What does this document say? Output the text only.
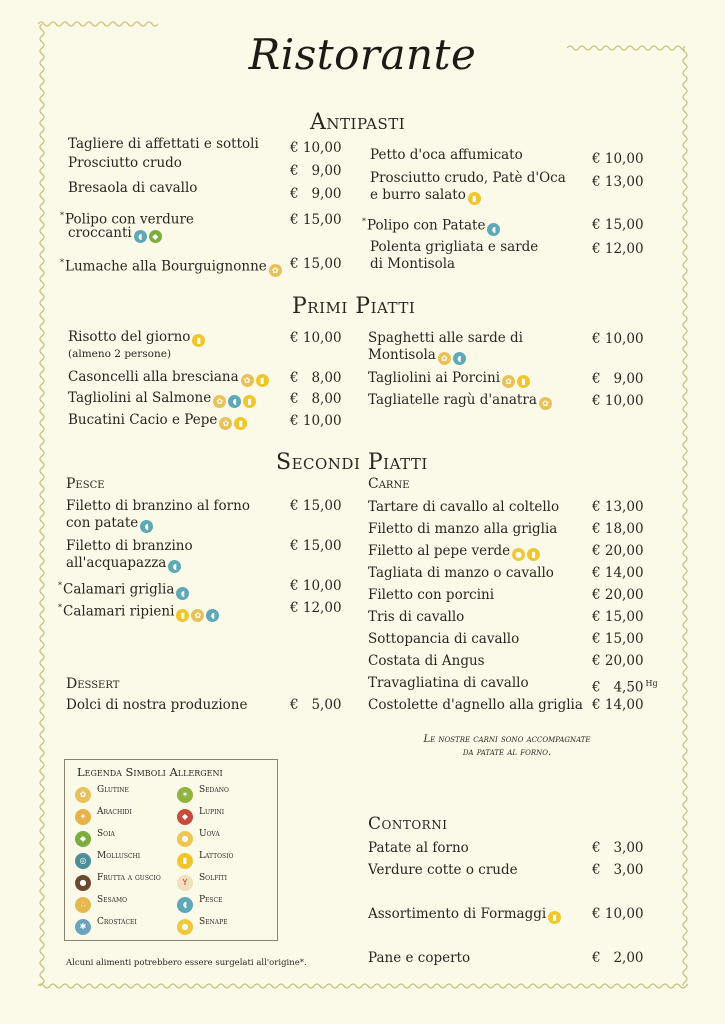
Ristorante
Antipasti
Tagliere di affettati e sottoli € 10,00
Prosciutto crudo	€   9,00
Bresaola di cavallo	€   9,00
*Polipo con verdure
croccanti ◖ ◆
€ 15,00
*Lumache alla Bourguignonne ✿ € 15,00
Petto d'oca affumicato	€ 10,00
Prosciutto crudo, Patè d'Oca
e burro salato ▮
€ 13,00
*Polipo con Patate ◖	€ 15,00
Polenta grigliata e sarde
di Montisola
€ 12,00
Primi Piatti
Risotto del giorno ▮
(almeno 2 persone)
€ 10,00
Casoncelli alla bresciana ✿ ▮	€   8,00
Tagliolini al Salmone ✿ ◖ ▮	€   8,00
Bucatini Cacio e Pepe ✿ ▮	€ 10,00
Spaghetti alle sarde di
Montisola ✿ ◖
€ 10,00
Tagliolini ai Porcini ✿ ▮	€   9,00
Tagliatelle ragù d'anatra ✿	€ 10,00
Secondi Piatti
Pesce	Carne
Filetto di branzino al forno
con patate ◖
€ 15,00
Filetto di branzino
all'acquapazza ◖
€ 15,00
*Calamari griglia ◖	€ 10,00
*Calamari ripieni ▮ ✿ ◖	€ 12,00
Tartare di cavallo al coltello € 13,00
Filetto di manzo alla griglia	€ 18,00
Filetto al pepe verde ● ▮	€ 20,00
Tagliata di manzo o cavallo	€ 14,00
Filetto con porcini	€ 20,00
Tris di cavallo	€ 15,00
Sottopancia di cavallo	€ 15,00
Costata di Angus	€ 20,00
Travagliatina di cavallo	€   4,50 $^{Hg}$
Costolette d'agnello alla griglia € 14,00
Le nostre carni sono accompagnate
da patate al forno.
Dessert
Dolci di nostra produzione	€   5,00
Legenda Simboli Allergeni
✿ Glutine
✦ Arachidi
◆ Soia
◎ Molluschi
● Frutta a guscio
∴ Sesamo
✱ Crostacei
✶ Sedano
◆ Lupini
● Uova
▮ Lattosio
Y Solfiti
◖ Pesce
● Senape
Alcuni alimenti potrebbero essere surgelati all'origine*.
Contorni
Patate al forno	€   3,00
Verdure cotte o crude	€   3,00
Assortimento di Formaggi ▮	€ 10,00
Pane e coperto	€   2,00
